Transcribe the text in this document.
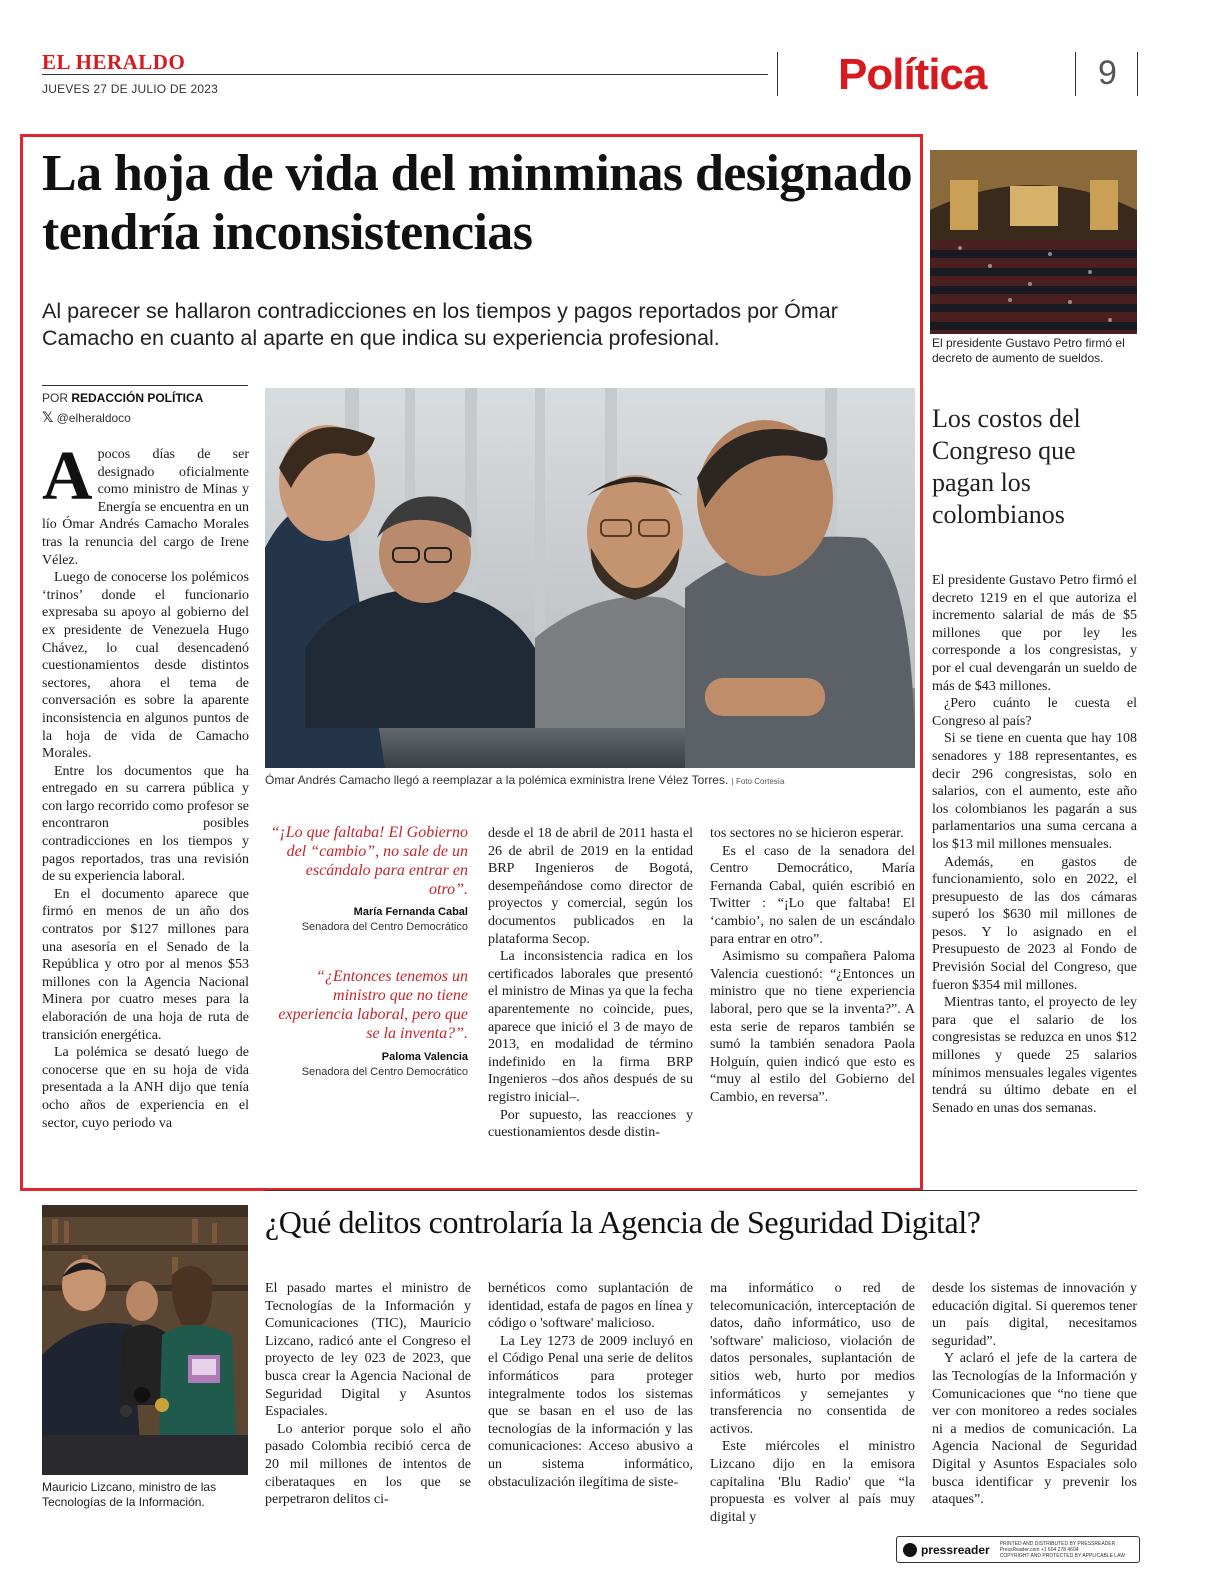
EL HERALDO
JUEVES 27 DE JULIO DE 2023	Política	9
La hoja de vida del minminas designado tendría inconsistencias
Al parecer se hallaron contradicciones en los tiempos y pagos reportados por Ómar Camacho en cuanto al aparte en que indica su experiencia profesional.
POR REDACCIÓN POLÍTICA
𝕏 @elheraldoco

Apocos días de ser designado oficialmente como ministro de Minas y Energía se encuentra en un lío Ómar Andrés Camacho Morales tras la renuncia del cargo de Irene Vélez.

Luego de conocerse los polémicos ‘trinos’ donde el funcionario expresaba su apoyo al gobierno del ex presidente de Venezuela Hugo Chávez, lo cual desencadenó cuestionamientos desde distintos sectores, ahora el tema de conversación es sobre la aparente inconsistencia en algunos puntos de la hoja de vida de Camacho Morales.

Entre los documentos que ha entregado en su carrera pública y con largo recorrido como profesor se encontraron posibles contradicciones en los tiempos y pagos reportados, tras una revisión de su experiencia laboral.

En el documento aparece que firmó en menos de un año dos contratos por $127 millones para una asesoría en el Senado de la República y otro por al menos $53 millones con la Agencia Nacional Minera por cuatro meses para la elaboración de una hoja de ruta de transición energética.

La polémica se desató luego de conocerse que en su hoja de vida presentada a la ANH dijo que tenía ocho años de experiencia en el sector, cuyo periodo va

Ómar Andrés Camacho llegó a reemplazar a la polémica exministra Irene Vélez Torres. | Foto Cortesía
“¡Lo que faltaba! El Gobierno del “cambio”, no sale de un escándalo para entrar en otro”.
María Fernanda Cabal
Senadora del Centro Democrático
“¿Entonces tenemos un ministro que no tiene experiencia laboral, pero que se la inventa?”.
Paloma Valencia
Senadora del Centro Democrático

desde el 18 de abril de 2011 hasta el 26 de abril de 2019 en la entidad BRP Ingenieros de Bogotá, desempeñándose como director de proyectos y comercial, según los documentos publicados en la plataforma Secop.

La inconsistencia radica en los certificados laborales que presentó el ministro de Minas ya que la fecha aparentemente no coincide, pues, aparece que inició el 3 de mayo de 2013, en modalidad de término indefinido en la firma BRP Ingenieros –dos años después de su registro inicial–.

Por supuesto, las reacciones y cuestionamientos desde distin-

tos sectores no se hicieron esperar.

Es el caso de la senadora del Centro Democrático, María Fernanda Cabal, quién escribió en Twitter : “¡Lo que faltaba! El ‘cambio’, no salen de un escándalo para entrar en otro”.

Asimismo su compañera Paloma Valencia cuestionó: “¿Entonces un ministro que no tiene experiencia laboral, pero que se la inventa?”. A esta serie de reparos también se sumó la también senadora Paola Holguín, quien indicó que esto es “muy al estilo del Gobierno del Cambio, en reversa”.

El presidente Gustavo Petro firmó el decreto de aumento de sueldos.
Los costos del Congreso que pagan los colombianos

El presidente Gustavo Petro firmó el decreto 1219 en el que autoriza el incremento salarial de más de $5 millones que por ley les corresponde a los congresistas, y por el cual devengarán un sueldo de más de $43 millones.

¿Pero cuánto le cuesta el Congreso al país?

Si se tiene en cuenta que hay 108 senadores y 188 representantes, es decir 296 congresistas, solo en salarios, con el aumento, este año los colombianos les pagarán a sus parlamentarios una suma cercana a los $13 mil millones mensuales.

Además, en gastos de funcionamiento, solo en 2022, el presupuesto de las dos cámaras superó los $630 mil millones de pesos. Y lo asignado en el Presupuesto de 2023 al Fondo de Previsión Social del Congreso, que fueron $354 mil millones.

Mientras tanto, el proyecto de ley para que el salario de los congresistas se reduzca en unos $12 millones y quede 25 salarios mínimos mensuales legales vigentes tendrá su último debate en el Senado en unas dos semanas.

Mauricio Lizcano, ministro de las Tecnologías de la Información.
¿Qué delitos controlaría la Agencia de Seguridad Digital?

El pasado martes el ministro de Tecnologías de la Información y Comunicaciones (TIC), Mauricio Lizcano, radicó ante el Congreso el proyecto de ley 023 de 2023, que busca crear la Agencia Nacional de Seguridad Digital y Asuntos Espaciales.

Lo anterior porque solo el año pasado Colombia recibió cerca de 20 mil millones de intentos de ciberataques en los que se perpetraron delitos ci-

bernéticos como suplantación de identidad, estafa de pagos en línea y código o 'software' malicioso.

La Ley 1273 de 2009 incluyó en el Código Penal una serie de delitos informáticos para proteger integralmente todos los sistemas que se basan en el uso de las tecnologías de la información y las comunicaciones: Acceso abusivo a un sistema informático, obstaculización ilegítima de siste-

ma informático o red de telecomunicación, interceptación de datos, daño informático, uso de 'software' malicioso, violación de datos personales, suplantación de sitios web, hurto por medios informáticos y semejantes y transferencia no consentida de activos.

Este miércoles el ministro Lizcano dijo en la emisora capitalina 'Blu Radio' que “la propuesta es volver al país muy digital y

desde los sistemas de innovación y educación digital. Si queremos tener un país digital, necesitamos seguridad”.

Y aclaró el jefe de la cartera de las Tecnologías de la Información y Comunicaciones que “no tiene que ver con monitoreo a redes sociales ni a medios de comunicación. La Agencia Nacional de Seguridad Digital y Asuntos Espaciales solo busca identificar y prevenir los ataques”.

pressreader PRINTED AND DISTRIBUTED BY PRESSREADER
PressReader.com +1 604 278 4604
COPYRIGHT AND PROTECTED BY APPLICABLE LAW
